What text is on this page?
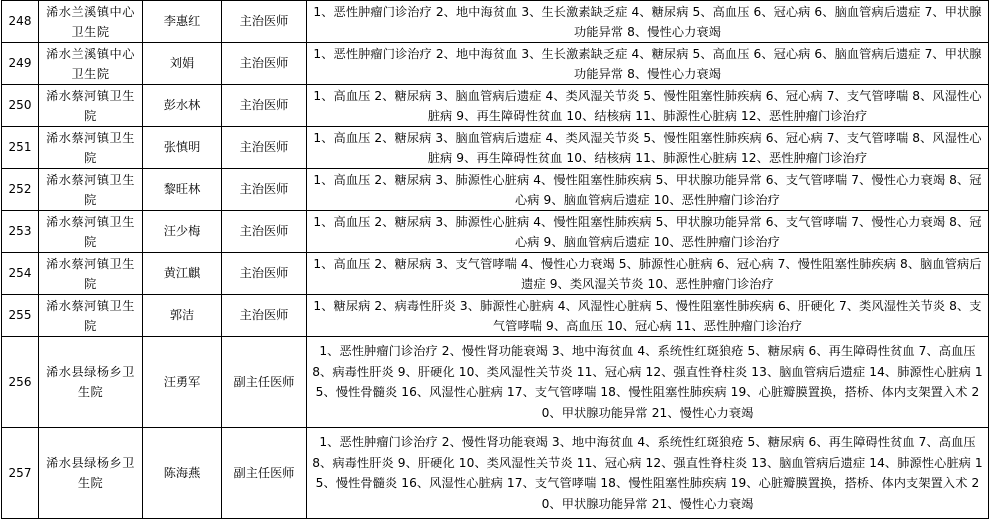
248	浠水兰溪镇中心卫生院	李惠红	主治医师	1、恶性肿瘤门诊治疗 2、地中海贫血 3、生长激素缺乏症 4、糖尿病 5、高血压 6、冠心病 6、脑血管病后遗症 7、甲状腺功能异常 8、慢性心力衰竭
249	浠水兰溪镇中心卫生院	刘娟	主治医师	1、恶性肿瘤门诊治疗 2、地中海贫血 3、生长激素缺乏症 4、糖尿病 5、高血压 6、冠心病 6、脑血管病后遗症 7、甲状腺功能异常 8、慢性心力衰竭
250	浠水蔡河镇卫生院	彭水林	主治医师	1、高血压 2、糖尿病 3、脑血管病后遗症 4、类风湿关节炎 5、慢性阻塞性肺疾病 6、冠心病 7、支气管哮喘 8、风湿性心脏病 9、再生障碍性贫血 10、结核病 11、肺源性心脏病 12、恶性肿瘤门诊治疗
251	浠水蔡河镇卫生院	张慎明	主治医师	1、高血压 2、糖尿病 3、脑血管病后遗症 4、类风湿关节炎 5、慢性阻塞性肺疾病 6、冠心病 7、支气管哮喘 8、风湿性心脏病 9、再生障碍性贫血 10、结核病 11、肺源性心脏病 12、恶性肿瘤门诊治疗
252	浠水蔡河镇卫生院	黎旺林	主治医师	1、高血压 2、糖尿病 3、肺源性心脏病 4、慢性阻塞性肺疾病 5、甲状腺功能异常 6、支气管哮喘 7、慢性心力衰竭 8、冠心病 9、脑血管病后遗症 10、恶性肿瘤门诊治疗
253	浠水蔡河镇卫生院	汪少梅	主治医师	1、高血压 2、糖尿病 3、肺源性心脏病 4、慢性阻塞性肺疾病 5、甲状腺功能异常 6、支气管哮喘 7、慢性心力衰竭 8、冠心病 9、脑血管病后遗症 10、恶性肿瘤门诊治疗
254	浠水蔡河镇卫生院	黄江麒	主治医师	1、高血压 2、糖尿病 3、支气管哮喘 4、慢性心力衰竭 5、肺源性心脏病 6、冠心病 7、慢性阻塞性肺疾病 8、脑血管病后遗症 9、类风湿关节炎 10、恶性肿瘤门诊治疗
255	浠水蔡河镇卫生院	郭洁	主治医师	1、糖尿病 2、病毒性肝炎 3、肺源性心脏病 4、风湿性心脏病 5、慢性阻塞性肺疾病 6、肝硬化 7、类风湿性关节炎 8、支气管哮喘 9、高血压 10、冠心病 11、恶性肿瘤门诊治疗
256	浠水县绿杨乡卫生院	汪勇军	副主任医师	1、恶性肿瘤门诊治疗 2、慢性肾功能衰竭 3、地中海贫血 4、系统性红斑狼疮 5、糖尿病 6、再生障碍性贫血 7、高血压 8、病毒性肝炎 9、肝硬化 10、类风湿性关节炎 11、冠心病 12、强直性脊柱炎 13、脑血管病后遗症 14、肺源性心脏病 15、慢性骨髓炎 16、风湿性心脏病 17、支气管哮喘 18、慢性阻塞性肺疾病 19、心脏瓣膜置换，搭桥、体内支架置入术 20、甲状腺功能异常 21、慢性心力衰竭
257	浠水县绿杨乡卫生院	陈海燕	副主任医师	1、恶性肿瘤门诊治疗 2、慢性肾功能衰竭 3、地中海贫血 4、系统性红斑狼疮 5、糖尿病 6、再生障碍性贫血 7、高血压 8、病毒性肝炎 9、肝硬化 10、类风湿性关节炎 11、冠心病 12、强直性脊柱炎 13、脑血管病后遗症 14、肺源性心脏病 15、慢性骨髓炎 16、风湿性心脏病 17、支气管哮喘 18、慢性阻塞性肺疾病 19、心脏瓣膜置换，搭桥、体内支架置入术 20、甲状腺功能异常 21、慢性心力衰竭
